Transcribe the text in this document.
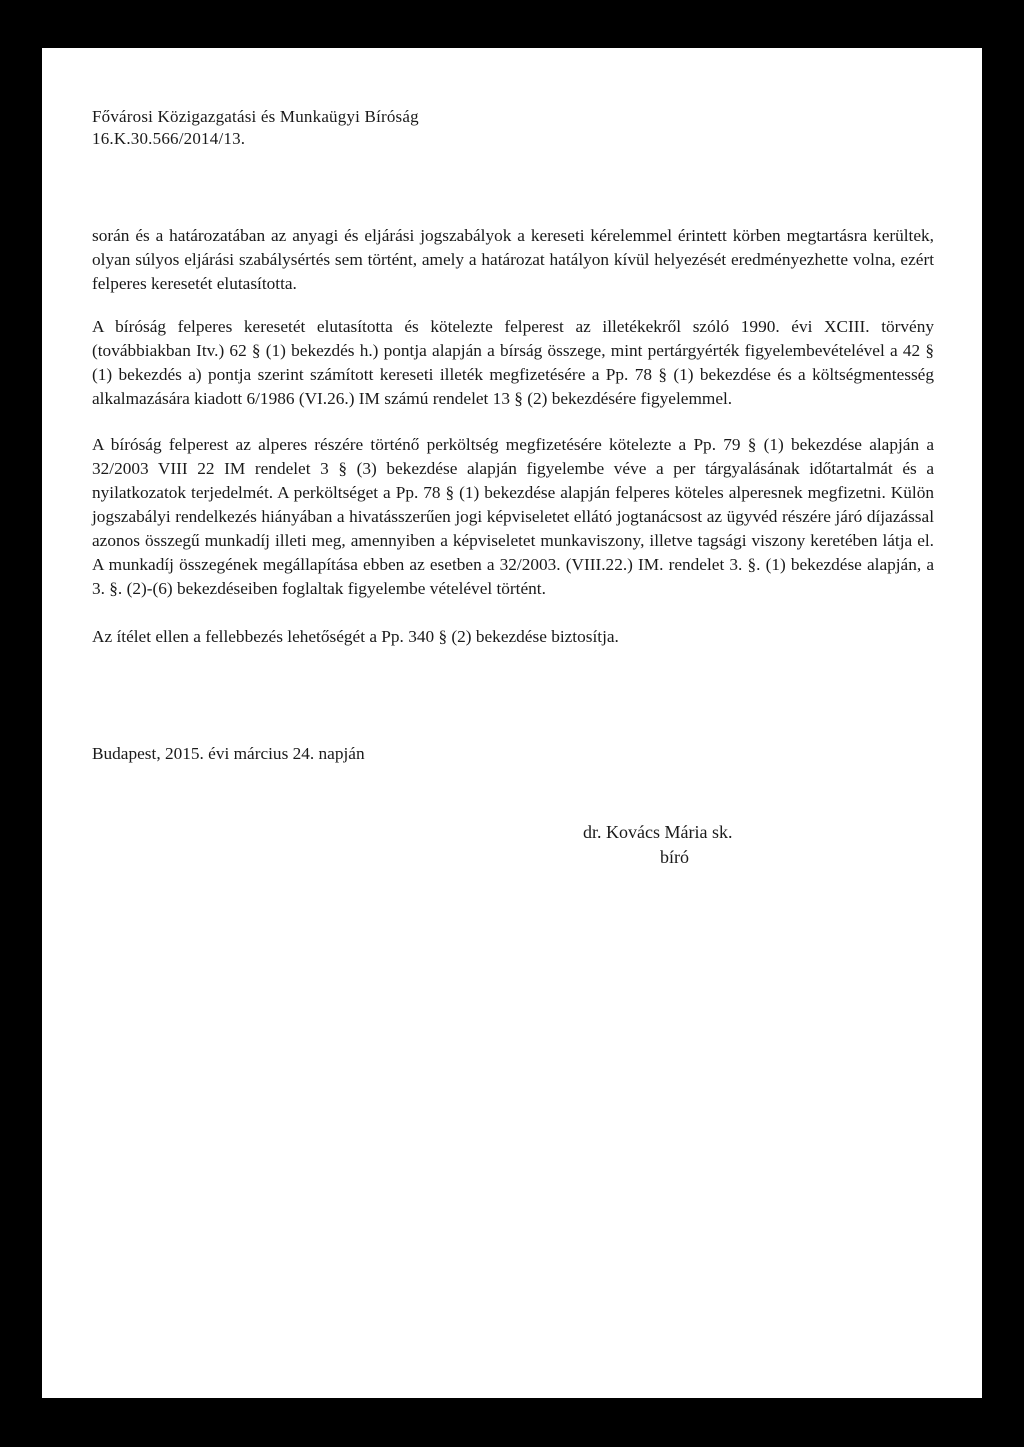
Fővárosi Közigazgatási és Munkaügyi Bíróság
16.K.30.566/2014/13.

során és a határozatában az anyagi és eljárási jogszabályok a kereseti kérelemmel érintett körben megtartásra kerültek, olyan súlyos eljárási szabálysértés sem történt, amely a határozat hatályon kívül helyezését eredményezhette volna, ezért felperes keresetét elutasította.

A bíróság felperes keresetét elutasította és kötelezte felperest az illetékekről szóló 1990. évi XCIII. törvény (továbbiakban Itv.) 62 § (1) bekezdés h.) pontja alapján a bírság összege, mint pertárgyérték figyelembevételével a 42 § (1) bekezdés a) pontja szerint számított kereseti illeték megfizetésére a Pp. 78 § (1) bekezdése és a költségmentesség alkalmazására kiadott 6/1986 (VI.26.) IM számú rendelet 13 § (2) bekezdésére figyelemmel.

A bíróság felperest az alperes részére történő perköltség megfizetésére kötelezte a Pp. 79 § (1) bekezdése alapján a 32/2003 VIII 22 IM rendelet 3 § (3) bekezdése alapján figyelembe véve a per tárgyalásának időtartalmát és a nyilatkozatok terjedelmét. A perköltséget a Pp. 78 § (1) bekezdése alapján felperes köteles alperesnek megfizetni. Külön jogszabályi rendelkezés hiányában a hivatásszerűen jogi képviseletet ellátó jogtanácsost az ügyvéd részére járó díjazással azonos összegű munkadíj illeti meg, amennyiben a képviseletet munkaviszony, illetve tagsági viszony keretében látja el. A munkadíj összegének megállapítása ebben az esetben a 32/2003. (VIII.22.) IM. rendelet 3. §. (1) bekezdése alapján, a 3. §. (2)-(6) bekezdéseiben foglaltak figyelembe vételével történt.

Az ítélet ellen a fellebbezés lehetőségét a Pp. 340 § (2) bekezdése biztosítja.

Budapest, 2015. évi március 24. napján
dr. Kovács Mária sk.
bíró
